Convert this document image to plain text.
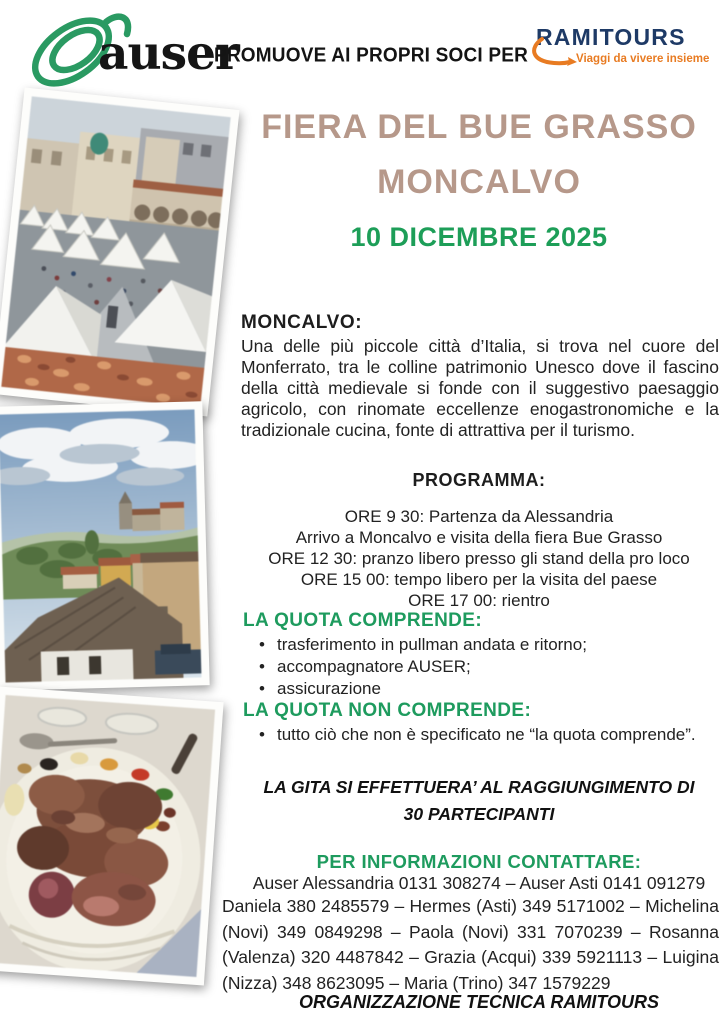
auser
PROMUOVE AI PROPRI SOCI PER
RAMITOURS
Viaggi da vivere insieme
FIERA DEL BUE GRASSO
MONCALVO
10 DICEMBRE 2025
MONCALVO:
Una delle più piccole città d’Italia, si trova nel cuore del Monferrato, tra le colline patrimonio Unesco dove il fascino della città medievale si fonde con il suggestivo paesaggio agricolo, con rinomate eccellenze enogastronomiche e la tradizionale cucina, fonte di attrattiva per il turismo.
PROGRAMMA:
ORE 9 30: Partenza da Alessandria
Arrivo a Moncalvo e visita della fiera Bue Grasso
ORE 12 30: pranzo libero presso gli stand della pro loco
ORE 15 00: tempo libero per la visita del paese
ORE 17 00: rientro
LA QUOTA COMPRENDE:
• trasferimento in pullman andata e ritorno;
• accompagnatore AUSER;
• assicurazione
LA QUOTA NON COMPRENDE:
• tutto ciò che non è specificato ne “la quota comprende”.
LA GITA SI EFFETTUERA’ AL RAGGIUNGIMENTO DI 30 PARTECIPANTI
PER INFORMAZIONI CONTATTARE:
Auser Alessandria 0131 308274 – Auser Asti 0141 091279
Daniela 380 2485579 – Hermes (Asti) 349 5171002 – Michelina (Novi) 349 0849298 – Paola (Novi) 331 7070239 – Rosanna (Valenza) 320 4487842 – Grazia (Acqui) 339 5921113 – Luigina (Nizza) 348 8623095 – Maria (Trino) 347 1579229
ORGANIZZAZIONE TECNICA RAMITOURS
